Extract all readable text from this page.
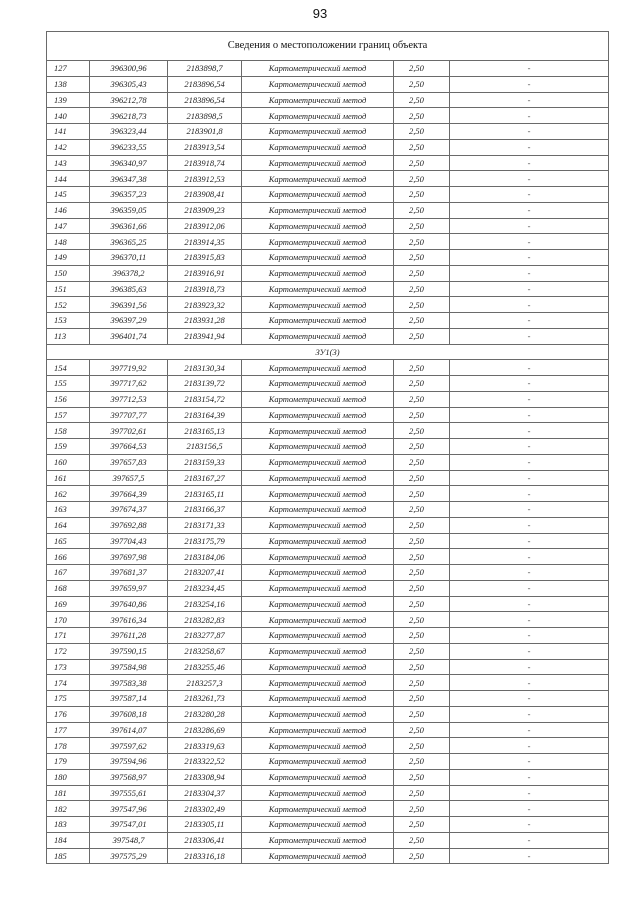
93
Сведения о местоположении границ объекта					
127	396300,96	2183898,7	Картометрический метод	2,50	-
138	396305,43	2183896,54	Картометрический метод	2,50	-
139	396212,78	2183896,54	Картометрический метод	2,50	-
140	396218,73	2183898,5	Картометрический метод	2,50	-
141	396323,44	2183901,8	Картометрический метод	2,50	-
142	396233,55	2183913,54	Картометрический метод	2,50	-
143	396340,97	2183918,74	Картометрический метод	2,50	-
144	396347,38	2183912,53	Картометрический метод	2,50	-
145	396357,23	2183908,41	Картометрический метод	2,50	-
146	396359,05	2183909,23	Картометрический метод	2,50	-
147	396361,66	2183912,06	Картометрический метод	2,50	-
148	396365,25	2183914,35	Картометрический метод	2,50	-
149	396370,11	2183915,83	Картометрический метод	2,50	-
150	396378,2	2183916,91	Картометрический метод	2,50	-
151	396385,63	2183918,73	Картометрический метод	2,50	-
152	396391,56	2183923,32	Картометрический метод	2,50	-
153	396397,29	2183931,28	Картометрический метод	2,50	-
113	396401,74	2183941,94	Картометрический метод	2,50	-
ЗУ1(3)					
154	397719,92	2183130,34	Картометрический метод	2,50	-
155	397717,62	2183139,72	Картометрический метод	2,50	-
156	397712,53	2183154,72	Картометрический метод	2,50	-
157	397707,77	2183164,39	Картометрический метод	2,50	-
158	397702,61	2183165,13	Картометрический метод	2,50	-
159	397664,53	2183156,5	Картометрический метод	2,50	-
160	397657,83	2183159,33	Картометрический метод	2,50	-
161	397657,5	2183167,27	Картометрический метод	2,50	-
162	397664,39	2183165,11	Картометрический метод	2,50	-
163	397674,37	2183166,37	Картометрический метод	2,50	-
164	397692,88	2183171,33	Картометрический метод	2,50	-
165	397704,43	2183175,79	Картометрический метод	2,50	-
166	397697,98	2183184,06	Картометрический метод	2,50	-
167	397681,37	2183207,41	Картометрический метод	2,50	-
168	397659,97	2183234,45	Картометрический метод	2,50	-
169	397640,86	2183254,16	Картометрический метод	2,50	-
170	397616,34	2183282,83	Картометрический метод	2,50	-
171	397611,28	2183277,87	Картометрический метод	2,50	-
172	397590,15	2183258,67	Картометрический метод	2,50	-
173	397584,98	2183255,46	Картометрический метод	2,50	-
174	397583,38	2183257,3	Картометрический метод	2,50	-
175	397587,14	2183261,73	Картометрический метод	2,50	-
176	397608,18	2183280,28	Картометрический метод	2,50	-
177	397614,07	2183286,69	Картометрический метод	2,50	-
178	397597,62	2183319,63	Картометрический метод	2,50	-
179	397594,96	2183322,52	Картометрический метод	2,50	-
180	397568,97	2183308,94	Картометрический метод	2,50	-
181	397555,61	2183304,37	Картометрический метод	2,50	-
182	397547,96	2183302,49	Картометрический метод	2,50	-
183	397547,01	2183305,11	Картометрический метод	2,50	-
184	397548,7	2183306,41	Картометрический метод	2,50	-
185	397575,29	2183316,18	Картометрический метод	2,50	-
